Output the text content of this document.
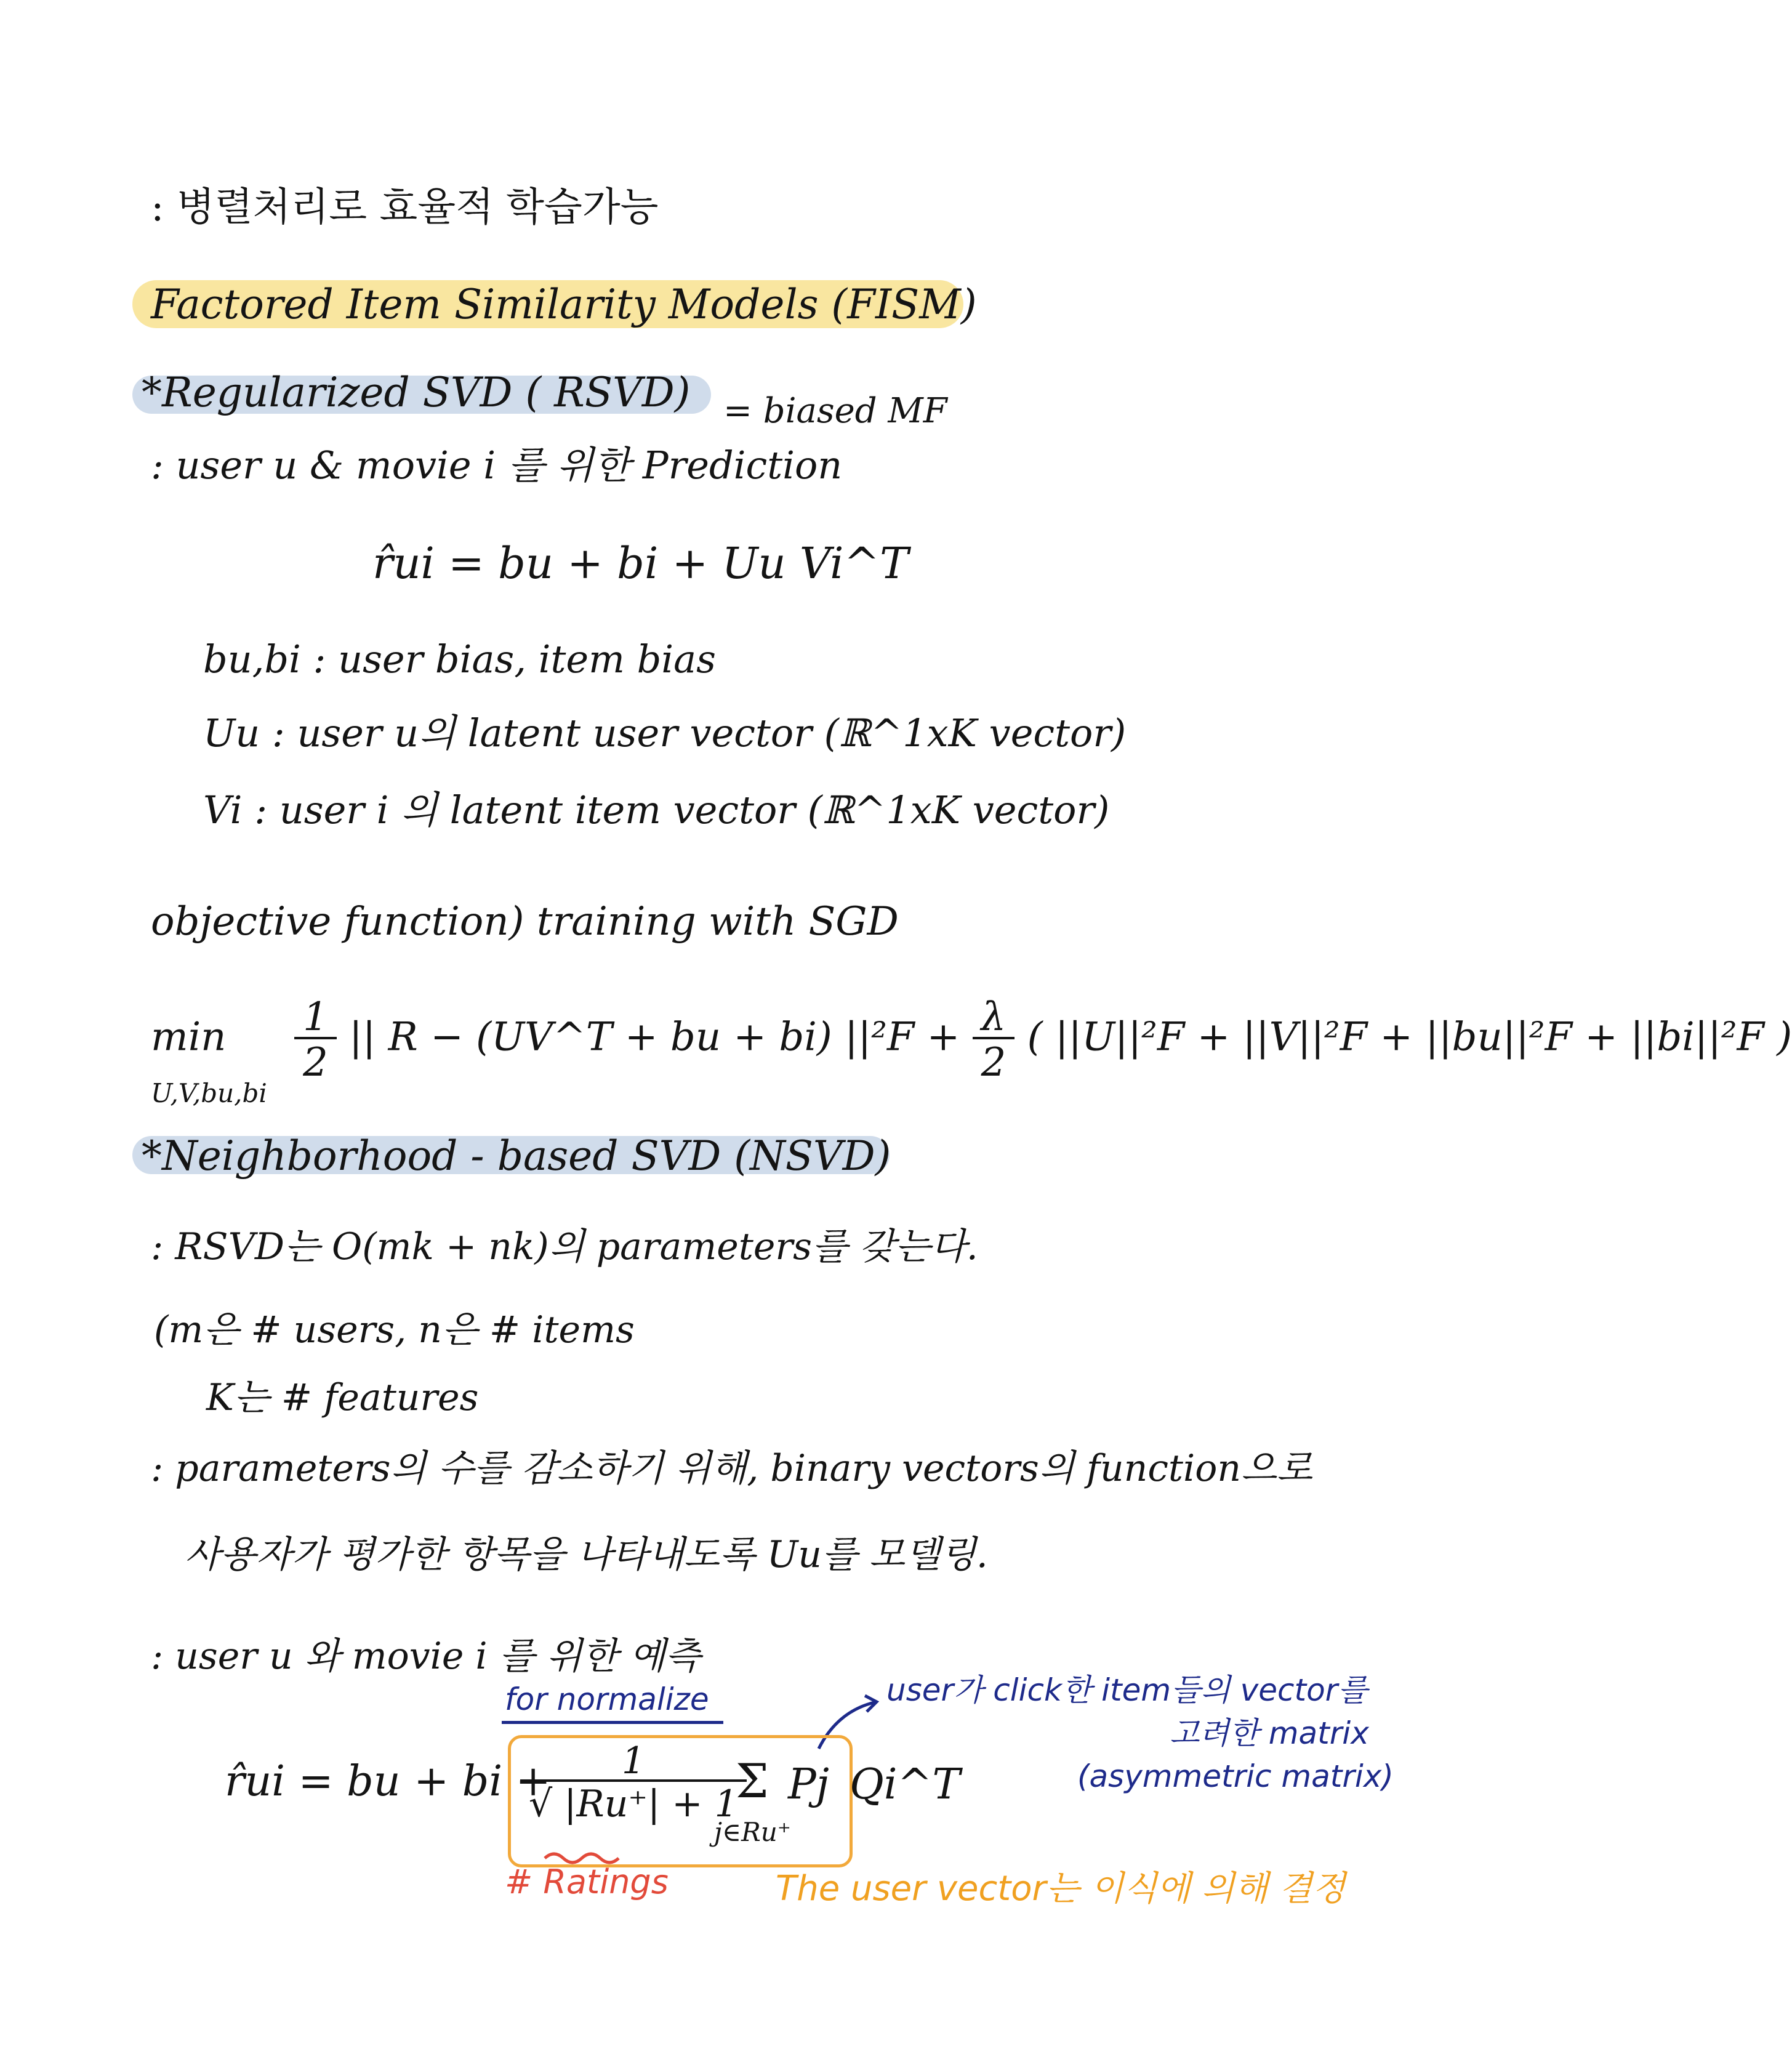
: 병렬처리로 효율적 학습가능
Factored Item Similarity Models (FISM)
*Regularized SVD ( RSVD) = biased MF
: user u & movie i 를 위한 Prediction
r̂ui = bu + bi + Uu Vi^T
bu,bi : user bias, item bias
Uu : user u의 latent user vector (ℝ^1xK vector)
Vi : user i 의 latent item vector (ℝ^1xK vector)
objective function) training with SGD
$\min \frac{1}{2}$ || R − (UV^T + bu + bi) $||^2F + \frac{\lambda}{2}$ ( ||U||²F + ||V||²F + ||bu||²F + ||bi||²F )
U,V,bu,bi
*Neighborhood - based SVD (NSVD)
: RSVD는 O(mk + nk)의 parameters를 갖는다.
(m은 # users, n은 # items
K는 # features
: parameters의 수를 감소하기 위해, binary vectors의 function으로
사용자가 평가한 항목을 나타내도록 Uu를 모델링.
: user u 와 movie i 를 위한 예측
for normalize	user가 click한 item들의 vector를
고려한 matrix
(asymmetric matrix)
r̂ui = bu + bi +
$\frac{1}{√ |Ru^+| + 1}$
Σ
j∈Ru⁺
Pj Qi^T
# Ratings	The user vector는 이식에 의해 결정
